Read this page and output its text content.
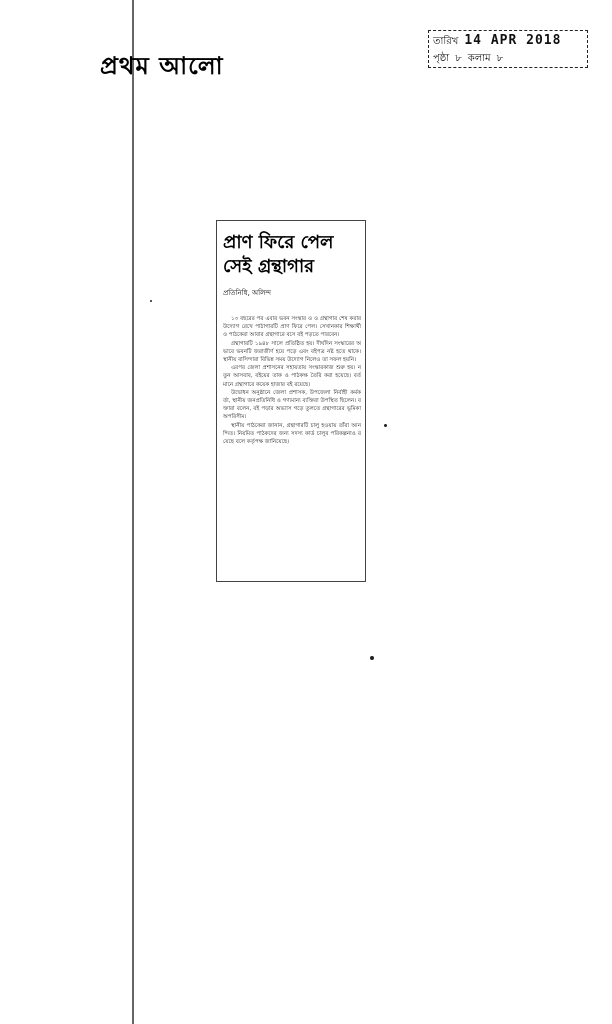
প্রথম আলো
তারিখ 14 APR 2018
পৃষ্ঠা ৮ কলাম ৮
প্রাণ ফিরে পেল
সেই গ্রন্থাগার
প্রতিনিধি, অলিন্দ

১৩ বছরের পর এবার ভবন সংস্কার ও ও গ্রন্থাগার শেষ করার উদ্যোগ রেখে পাঠাগারটি প্রাণ ফিরে পেল। সেখানকার শিক্ষার্থী ও পাঠকেরা আবার গ্রন্থাগারে বসে বই পড়তে পারবেন।

গ্রন্থাগারটি ১৯৪৮ সালে প্রতিষ্ঠিত হয়। দীর্ঘদিন সংস্কারের অভাবে ভবনটি জরাজীর্ণ হয়ে পড়ে এবং বইপত্র নষ্ট হতে থাকে। স্থানীয় বাসিন্দারা বিভিন্ন সময় উদ্যোগ নিলেও তা সফল হয়নি।

এরপর জেলা প্রশাসনের সহায়তায় সংস্কারকাজ শুরু হয়। নতুন আসবাব, বইয়ের তাক ও পাঠকক্ষ তৈরি করা হয়েছে। বর্তমানে গ্রন্থাগারে কয়েক হাজার বই রয়েছে।

উদ্বোধন অনুষ্ঠানে জেলা প্রশাসক, উপজেলা নির্বাহী কর্মকর্তা, স্থানীয় জনপ্রতিনিধি ও গণ্যমান্য ব্যক্তিরা উপস্থিত ছিলেন। বক্তারা বলেন, বই পড়ার অভ্যাস গড়ে তুলতে গ্রন্থাগারের ভূমিকা অপরিসীম।

স্থানীয় পাঠকেরা জানান, গ্রন্থাগারটি চালু হওয়ায় তাঁরা আনন্দিত। নিয়মিত পাঠকদের জন্য সদস্য কার্ড চালুর পরিকল্পনাও রয়েছে বলে কর্তৃপক্ষ জানিয়েছে।
